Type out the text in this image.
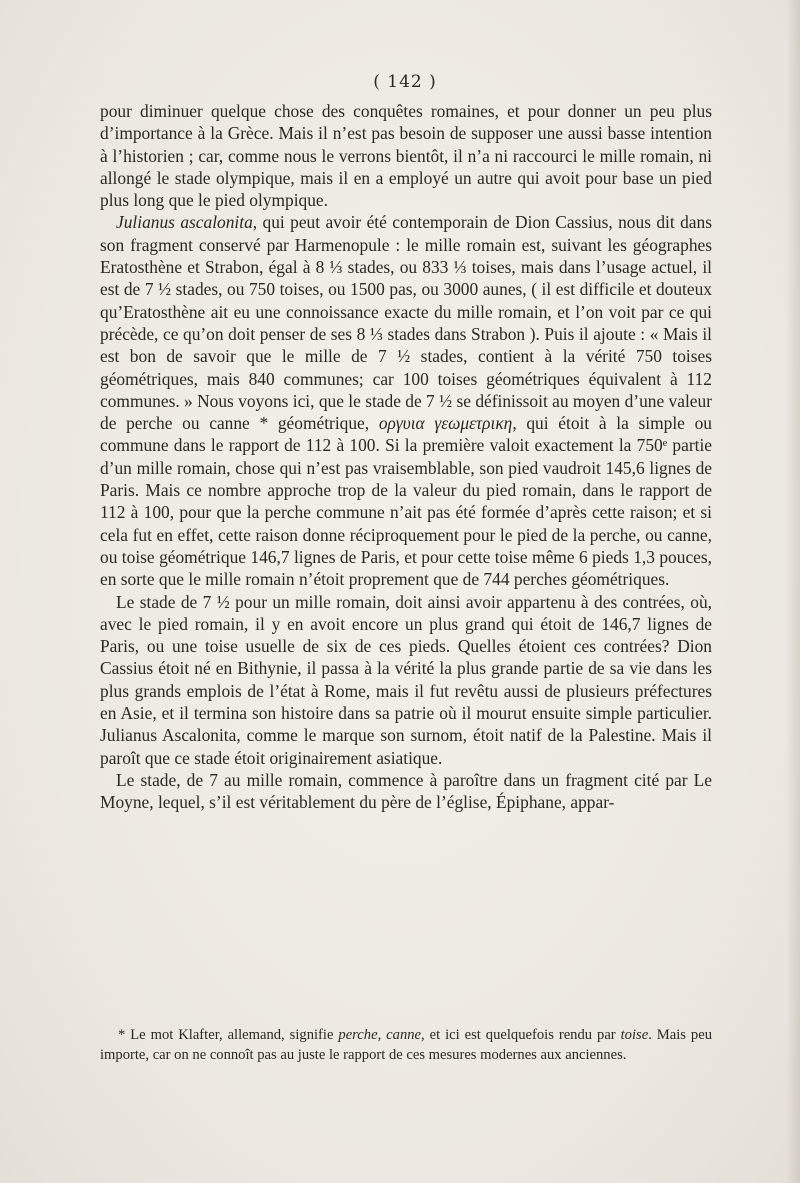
( 142 )

pour diminuer quelque chose des conquêtes romaines, et pour donner un peu plus d’importance à la Grèce. Mais il n’est pas besoin de supposer une aussi basse intention à l’historien ; car, comme nous le verrons bientôt, il n’a ni raccourci le mille romain, ni allongé le stade olympique, mais il en a employé un autre qui avoit pour base un pied plus long que le pied olympique.

Julianus ascalonita, qui peut avoir été contemporain de Dion Cassius, nous dit dans son fragment conservé par Harmenopule : le mille romain est, suivant les géographes Eratosthène et Strabon, égal à 8 ⅓ stades, ou 833 ⅓ toises, mais dans l’usage actuel, il est de 7 ½ stades, ou 750 toises, ou 1500 pas, ou 3000 aunes, ( il est difficile et douteux qu’Eratosthène ait eu une connoissance exacte du mille romain, et l’on voit par ce qui précède, ce qu’on doit penser de ses 8 ⅓ stades dans Strabon ). Puis il ajoute : « Mais il est bon de savoir que le mille de 7 ½ stades, contient à la vérité 750 toises géométriques, mais 840 communes; car 100 toises géométriques équivalent à 112 communes. » Nous voyons ici, que le stade de 7 ½ se définissoit au moyen d’une valeur de perche ou canne * géométrique, οργυια γεωμετρικη, qui étoit à la simple ou commune dans le rapport de 112 à 100. Si la première valoit exactement la 750ᵉ partie d’un mille romain, chose qui n’est pas vraisemblable, son pied vaudroit 145,6 lignes de Paris. Mais ce nombre approche trop de la valeur du pied romain, dans le rapport de 112 à 100, pour que la perche commune n’ait pas été formée d’après cette raison; et si cela fut en effet, cette raison donne réciproquement pour le pied de la perche, ou canne, ou toise géométrique 146,7 lignes de Paris, et pour cette toise même 6 pieds 1,3 pouces, en sorte que le mille romain n’étoit proprement que de 744 perches géométriques.

Le stade de 7 ½ pour un mille romain, doit ainsi avoir appartenu à des contrées, où, avec le pied romain, il y en avoit encore un plus grand qui étoit de 146,7 lignes de Paris, ou une toise usuelle de six de ces pieds. Quelles étoient ces contrées? Dion Cassius étoit né en Bithynie, il passa à la vérité la plus grande partie de sa vie dans les plus grands emplois de l’état à Rome, mais il fut revêtu aussi de plusieurs préfectures en Asie, et il termina son histoire dans sa patrie où il mourut ensuite simple particulier. Julianus Ascalonita, comme le marque son surnom, étoit natif de la Palestine. Mais il paroît que ce stade étoit originairement asiatique.

Le stade, de 7 au mille romain, commence à paroître dans un fragment cité par Le Moyne, lequel, s’il est véritablement du père de l’église, Épiphane, appar-

* Le mot Klafter, allemand, signifie perche, canne, et ici est quelquefois rendu par toise. Mais peu importe, car on ne connoît pas au juste le rapport de ces mesures modernes aux anciennes.
